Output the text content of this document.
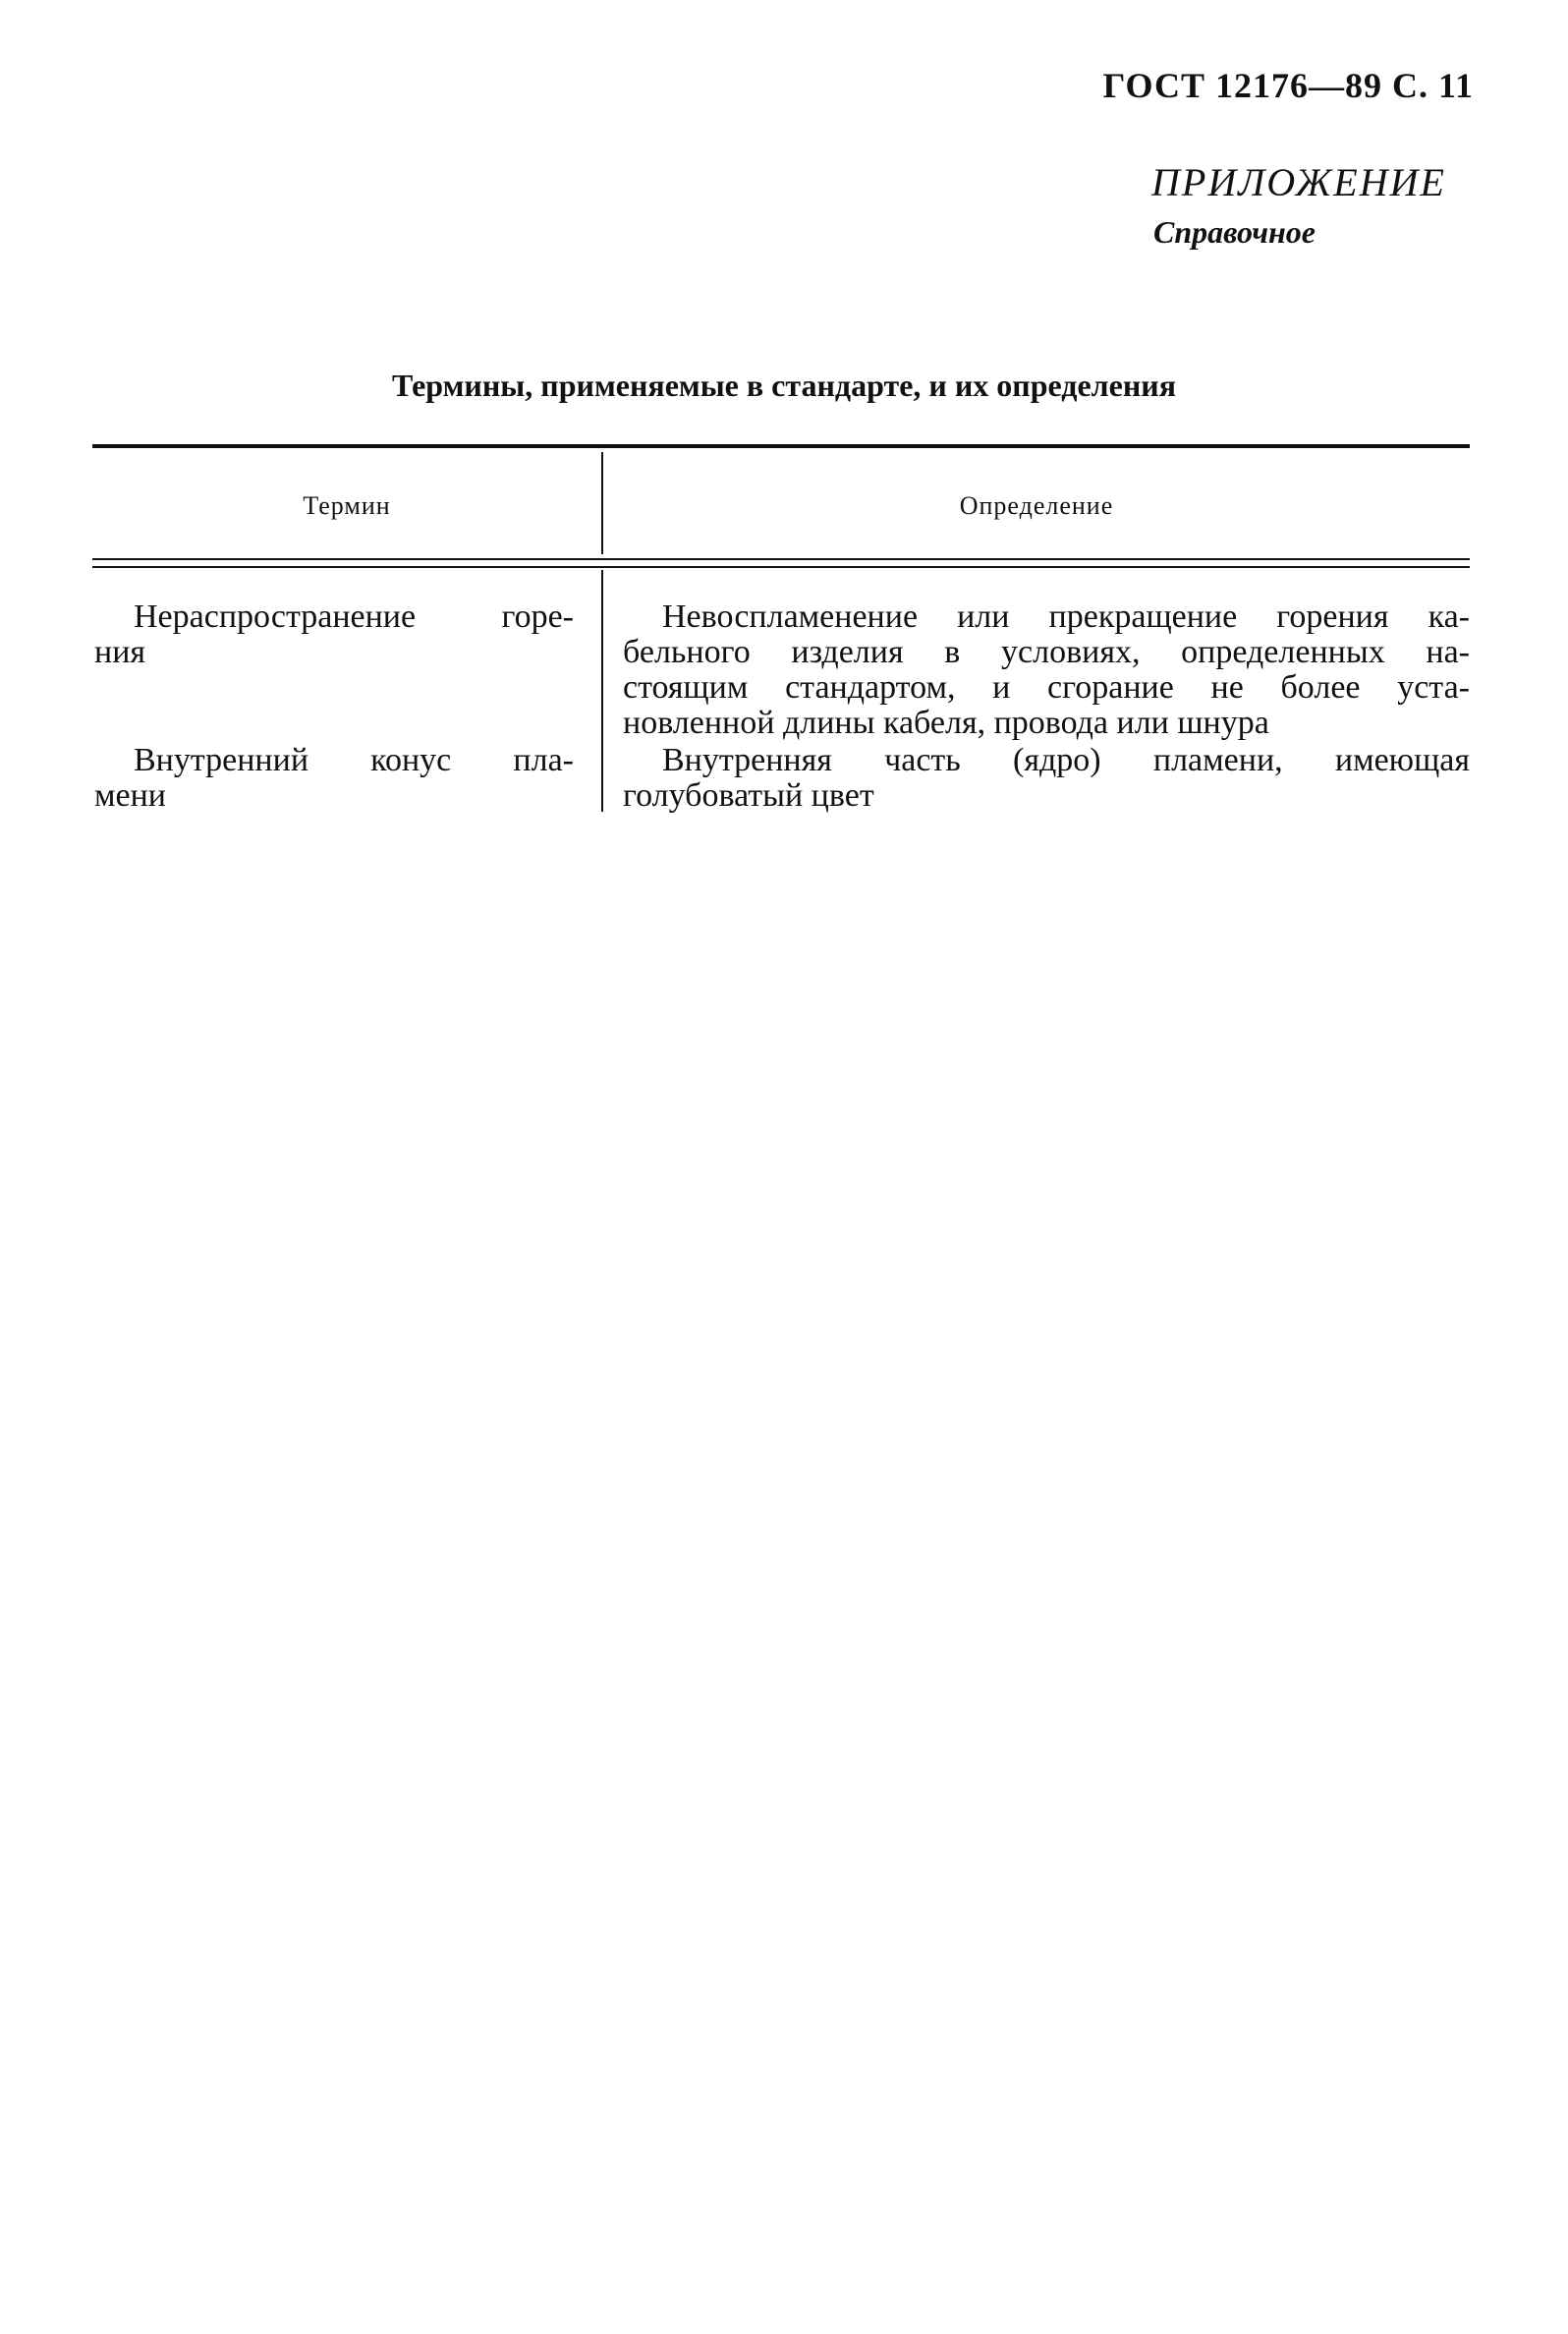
ГОСТ 12176—89 С. 11
ПРИЛОЖЕНИЕ
Справочное
Термины, применяемые в стандарте, и их определения
Термин	Определение
Нераспространение горе-
ния
Невоспламенение или прекращение горения ка-
бельного изделия в условиях, определенных на-
стоящим стандартом, и сгорание не более уста-
новленной длины кабеля, провода или шнура
Внутренний конус пла-
мени
Внутренняя часть (ядро) пламени, имеющая
голубоватый цвет
